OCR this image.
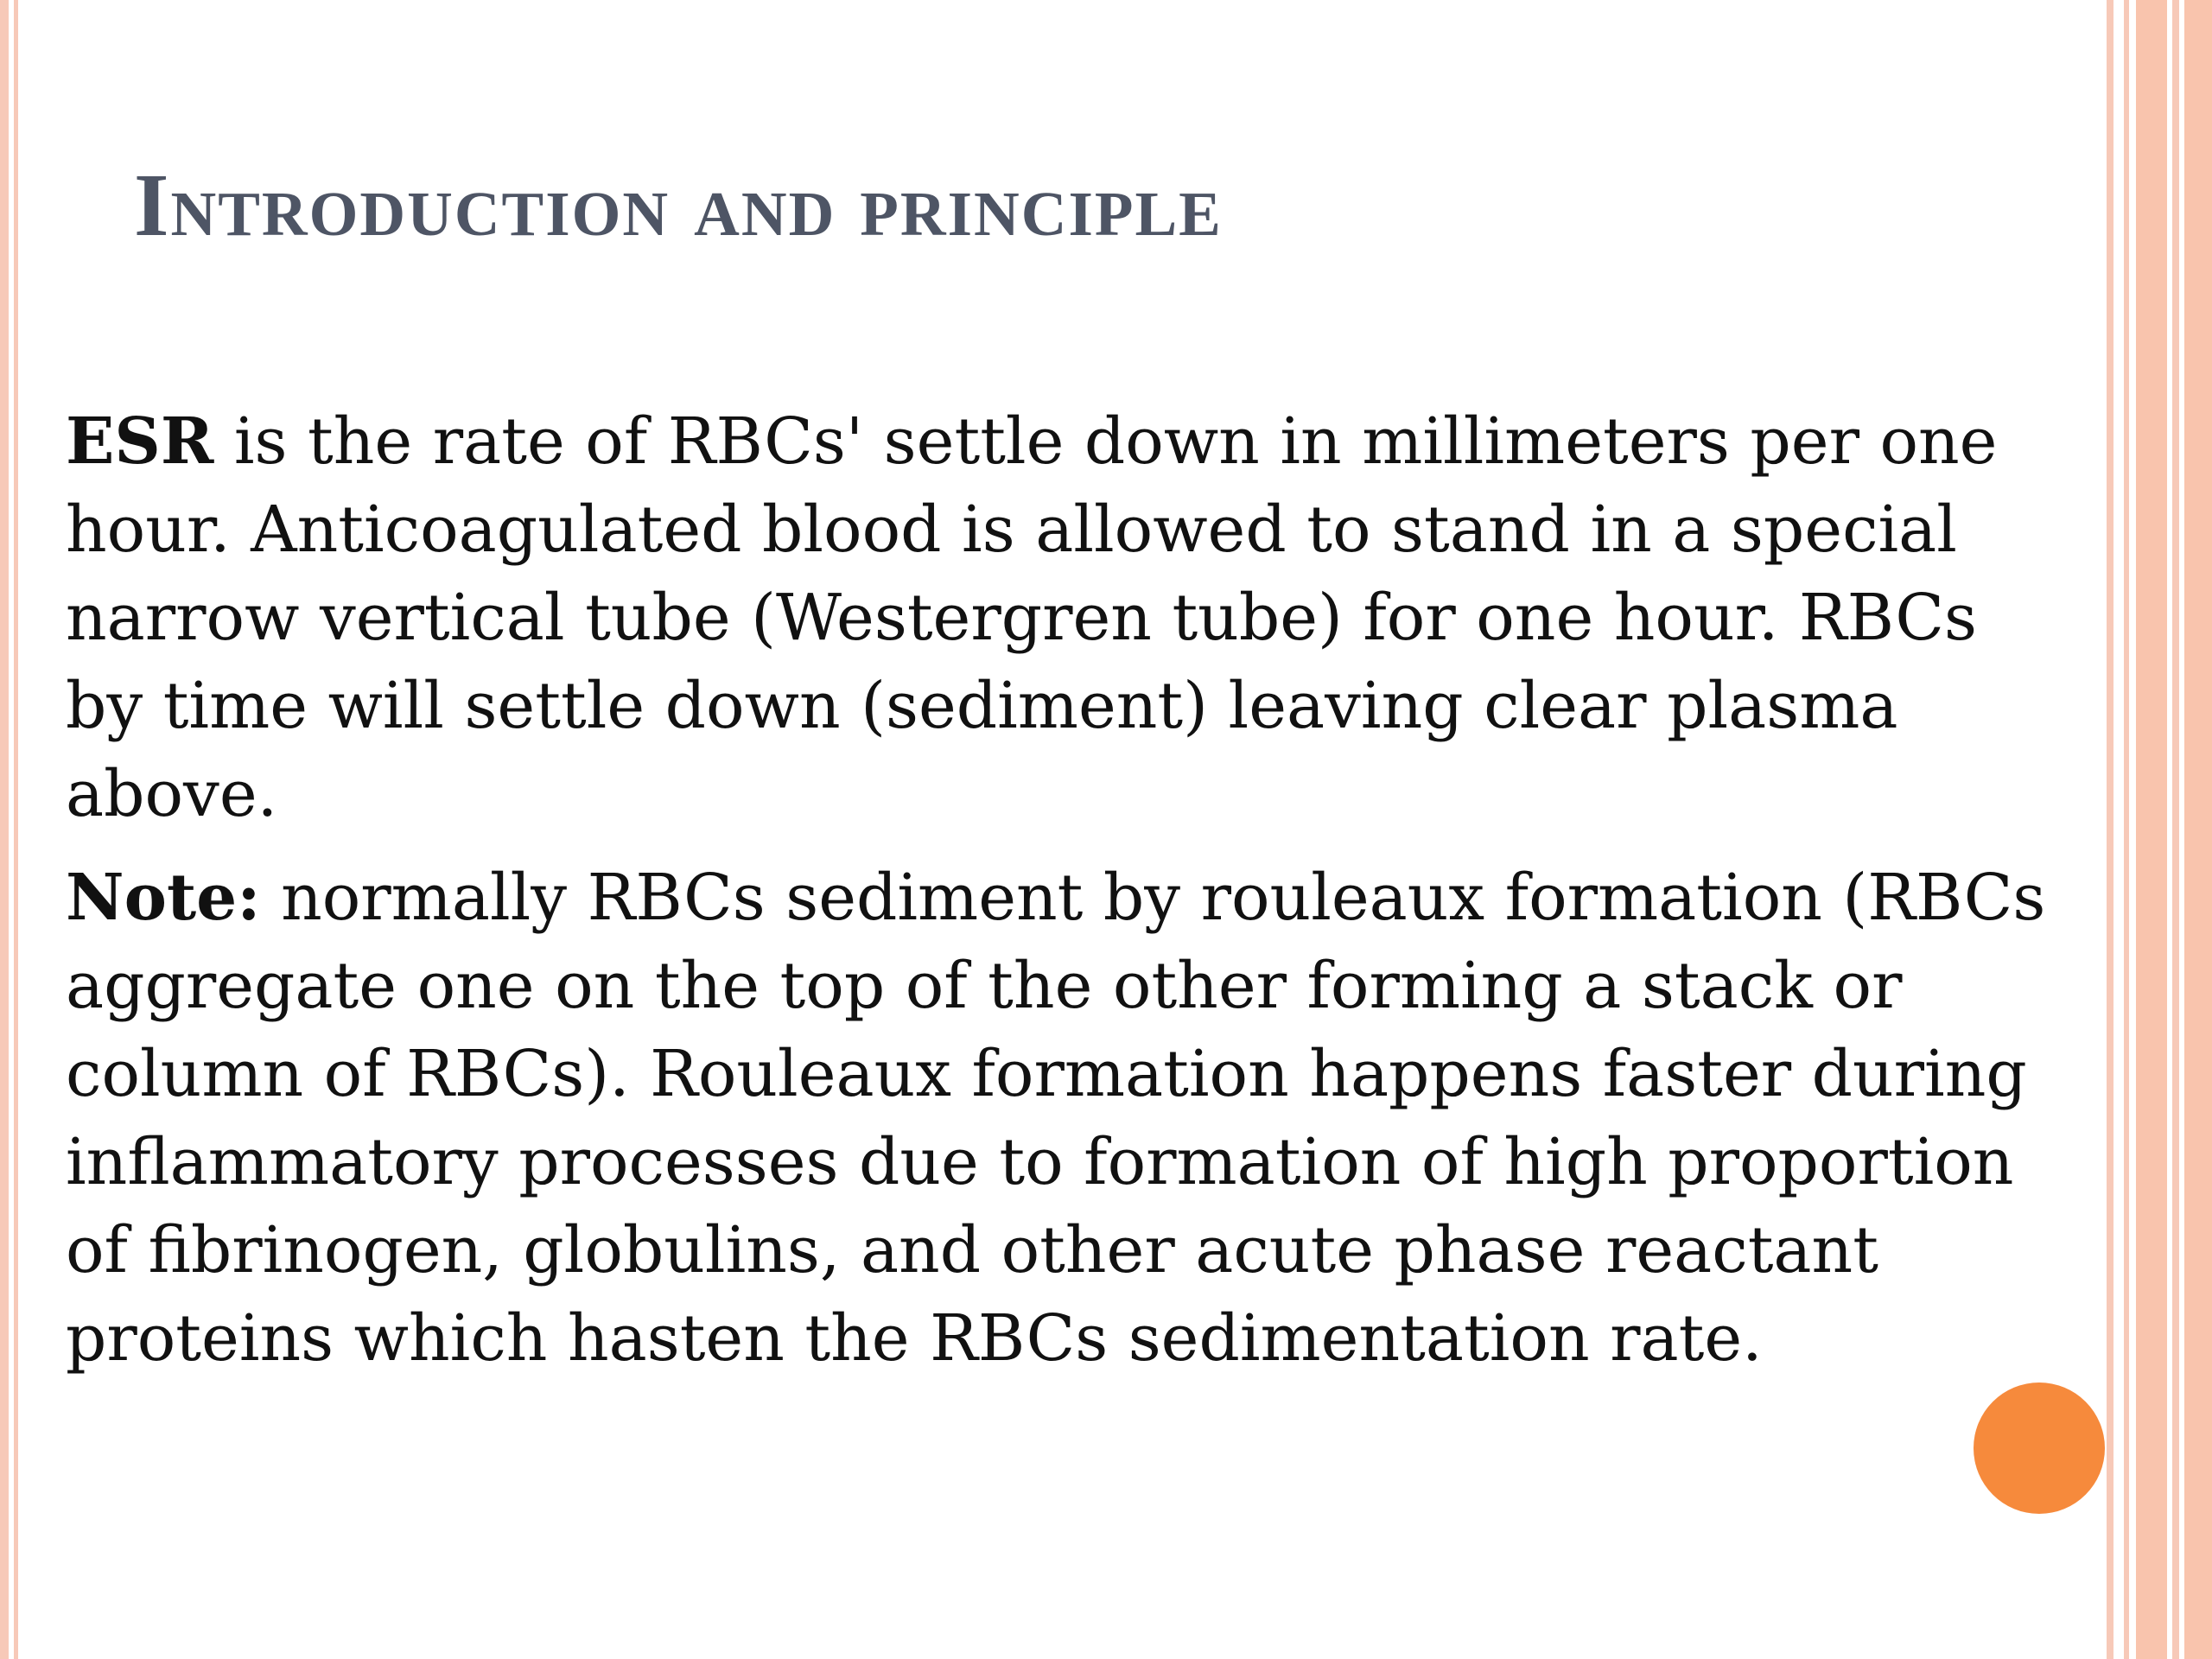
Introduction and principle

ESR is the rate of RBCs' settle down in millimeters per one hour. Anticoagulated blood is allowed to stand in a special narrow vertical tube (Westergren tube) for one hour. RBCs by time will settle down (sediment) leaving clear plasma above.

Note: normally RBCs sediment by rouleaux formation (RBCs aggregate one on the top of the other forming a stack or column of RBCs). Rouleaux formation happens faster during inflammatory processes due to formation of high proportion of fibrinogen, globulins, and other acute phase reactant proteins which hasten the RBCs sedimentation rate.
